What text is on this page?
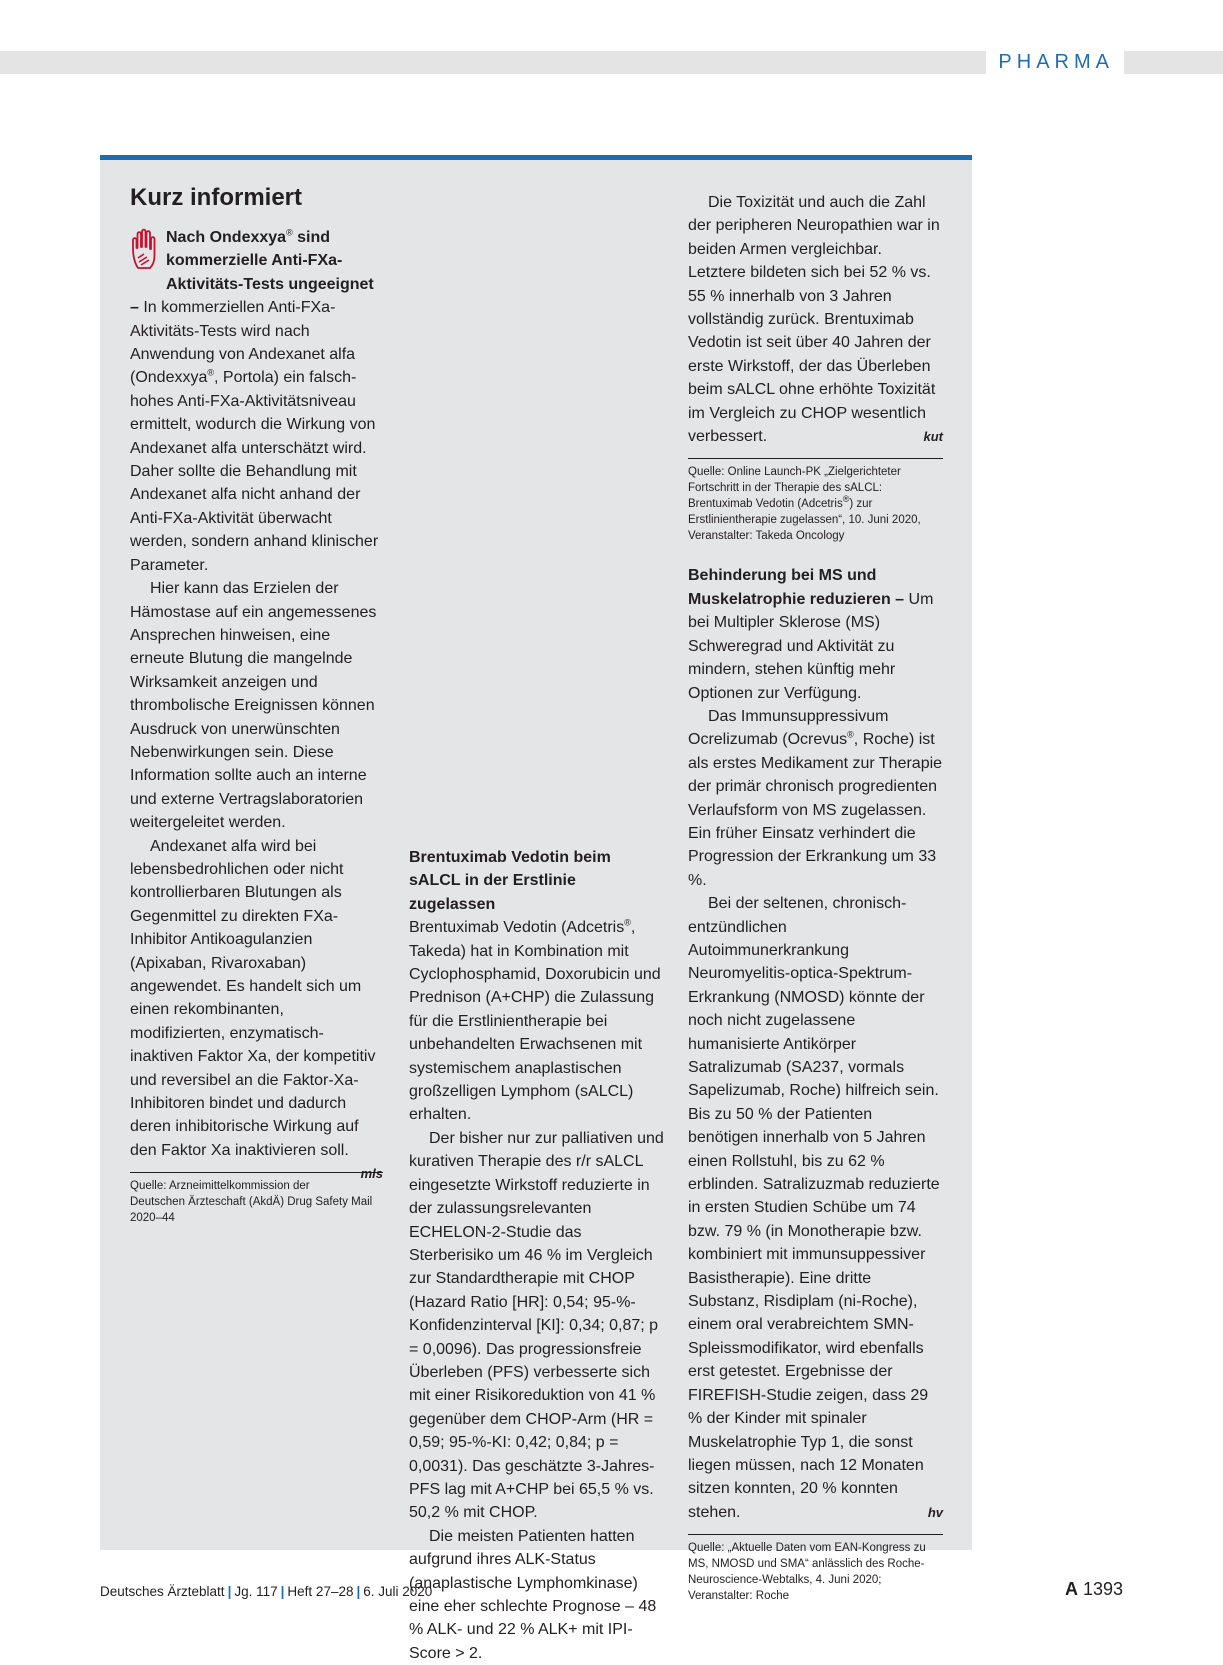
PHARMA
Kurz informiert

Nach Ondexxya® sind kommerzielle Anti-FXa-Aktivitäts-Tests ungeeignet – In kommerziellen Anti-FXa-Aktivitäts-Tests wird nach Anwendung von Andexanet alfa (Ondexxya®, Portola) ein falsch-hohes Anti-FXa-Aktivitätsniveau ermittelt, wodurch die Wirkung von Andexanet alfa unterschätzt wird. Daher sollte die Behandlung mit Andexanet alfa nicht anhand der Anti-FXa-Aktivität überwacht werden, sondern anhand klinischer Parameter.

Hier kann das Erzielen der Hämostase auf ein angemessenes Ansprechen hinweisen, eine erneute Blutung die mangelnde Wirksamkeit anzeigen und thrombolische Ereignissen können Ausdruck von unerwünschten Nebenwirkungen sein. Diese Information sollte auch an interne und externe Vertragslaboratorien weitergeleitet werden.

Andexanet alfa wird bei lebensbedrohlichen oder nicht kontrollierbaren Blutungen als Gegenmittel zu direkten FXa-Inhibitor Antikoagulanzien (Apixaban, Rivaroxaban) angewendet. Es handelt sich um einen rekombinanten, modifizierten, enzymatisch-inaktiven Faktor Xa, der kompetitiv und reversibel an die Faktor-Xa-Inhibitoren bindet und dadurch deren inhibitorische Wirkung auf den Faktor Xa inaktivieren soll.
mls

Quelle: Arzneimittelkommission der Deutschen Ärzteschaft (AkdÄ) Drug Safety Mail 2020–44

Brentuximab Vedotin beim sALCL in der Erstlinie zugelassen

Brentuximab Vedotin (Adcetris®, Takeda) hat in Kombination mit Cyclophosphamid, Doxorubicin und Prednison (A+CHP) die Zulassung für die Erstlinientherapie bei unbehandelten Erwachsenen mit systemischem anaplastischen großzelligen Lymphom (sALCL) erhalten.

Der bisher nur zur palliativen und kurativen Therapie des r/r sALCL eingesetzte Wirkstoff reduzierte in der zulassungsrelevanten ECHELON-2-Studie das Sterberisiko um 46 % im Vergleich zur Standardtherapie mit CHOP (Hazard Ratio [HR]: 0,54; 95-%-Konfidenzinterval [KI]: 0,34; 0,87; p = 0,0096). Das progressionsfreie Überleben (PFS) verbesserte sich mit einer Risikoreduktion von 41 % gegenüber dem CHOP-Arm (HR = 0,59; 95-%-KI: 0,42; 0,84; p = 0,0031). Das geschätzte 3-Jahres-PFS lag mit A+CHP bei 65,5 % vs. 50,2 % mit CHOP.

Die meisten Patienten hatten aufgrund ihres ALK-Status (anaplastische Lymphomkinase) eine eher schlechte Prognose – 48 % ALK- und 22 % ALK+ mit IPI-Score > 2.

Die Toxizität und auch die Zahl der peripheren Neuropathien war in beiden Armen vergleichbar. Letztere bildeten sich bei 52 % vs. 55 % innerhalb von 3 Jahren vollständig zurück. Brentuximab Vedotin ist seit über 40 Jahren der erste Wirkstoff, der das Überleben beim sALCL ohne erhöhte Toxizität im Vergleich zu CHOP wesentlich verbessert.	kut

Quelle: Online Launch-PK „Zielgerichteter Fortschritt in der Therapie des sALCL: Brentuximab Vedotin (Adcetris®) zur Erstlinientherapie zugelassen“, 10. Juni 2020, Veranstalter: Takeda Oncology

Behinderung bei MS und Muskelatrophie reduzieren – Um bei Multipler Sklerose (MS) Schweregrad und Aktivität zu mindern, stehen künftig mehr Optionen zur Verfügung.

Das Immunsuppressivum Ocrelizumab (Ocrevus®, Roche) ist als erstes Medikament zur Therapie der primär chronisch progredienten Verlaufsform von MS zugelassen. Ein früher Einsatz verhindert die Progression der Erkrankung um 33 %.

Bei der seltenen, chronisch-entzündlichen Autoimmunerkrankung Neuromyelitis-optica-Spektrum-Erkrankung (NMOSD) könnte der noch nicht zugelassene humanisierte Antikörper Satralizumab (SA237, vormals Sapelizumab, Roche) hilfreich sein. Bis zu 50 % der Patienten benötigen innerhalb von 5 Jahren einen Rollstuhl, bis zu 62 % erblinden. Satralizuzmab reduzierte in ersten Studien Schübe um 74 bzw. 79 % (in Monotherapie bzw. kombiniert mit immunsuppessiver Basistherapie). Eine dritte Substanz, Risdiplam (ni-Roche), einem oral verabreichtem SMN-Spleissmodifikator, wird ebenfalls erst getestet. Ergebnisse der FIREFISH-Studie zeigen, dass 29 % der Kinder mit spinaler Muskelatrophie Typ 1, die sonst liegen müssen, nach 12 Monaten sitzen konnten, 20 % konnten stehen.	hv

Quelle: „Aktuelle Daten vom EAN-Kongress zu MS, NMOSD und SMA“ anlässlich des Roche-Neuroscience-Webtalks, 4. Juni 2020; Veranstalter: Roche
Deutsches Ärzteblatt | Jg. 117 | Heft 27–28 | 6. Juli 2020	A 1393
